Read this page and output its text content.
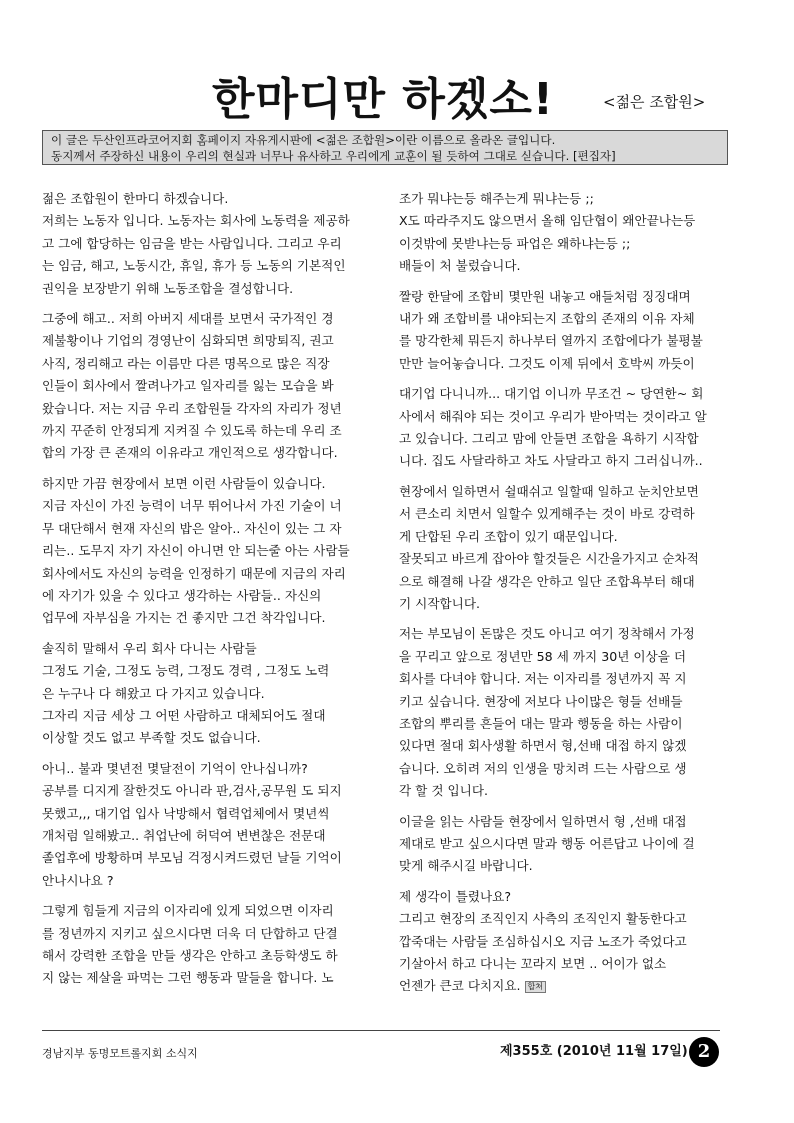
한마디만 하겠소!	<젊은 조합원>

이 글은 두산인프라코어지회 홈페이지 자유게시판에 <젊은 조합원>이란 이름으로 올라온 글입니다.

동지께서 주장하신 내용이 우리의 현실과 너무나 유사하고 우리에게 교훈이 될 듯하여 그대로 싣습니다. [편집자]

젊은 조합원이 한마디 하겠습니다.
저희는 노동자 입니다. 노동자는 회사에 노동력을 제공하
고 그에 합당하는 임금을 받는 사람입니다. 그리고 우리
는 임금, 해고, 노동시간, 휴일, 휴가 등 노동의 기본적인
권익을 보장받기 위해 노동조합을 결성합니다.

그중에 해고.. 저희 아버지 세대를 보면서 국가적인 경
제불황이나 기업의 경영난이 심화되면 희망퇴직, 권고
사직, 정리해고 라는 이름만 다른 명목으로 많은 직장
인들이 회사에서 짤려나가고 일자리를 잃는 모습을 봐
왔습니다. 저는 지금 우리 조합원들 각자의 자리가 정년
까지 꾸준히 안정되게 지켜질 수 있도록 하는데 우리 조
합의 가장 큰 존재의 이유라고 개인적으로 생각합니다.

하지만 가끔 현장에서 보면 이런 사람들이 있습니다.
지금 자신이 가진 능력이 너무 뛰어나서 가진 기술이 너
무 대단해서 현재 자신의 밥은 알아.. 자신이 있는 그 자
리는.. 도무지 자기 자신이 아니면 안 되는줄 아는 사람들
회사에서도 자신의 능력을 인정하기 때문에 지금의 자리
에 자기가 있을 수 있다고 생각하는 사람들.. 자신의
업무에 자부심을 가지는 건 좋지만 그건 착각입니다.

솔직히 말해서 우리 회사 다니는 사람들
그정도 기술, 그정도 능력, 그정도 경력 , 그정도 노력
은 누구나 다 해왔고 다 가지고 있습니다.
그자리 지금 세상 그 어떤 사람하고 대체되어도 절대
이상할 것도 없고 부족할 것도 없습니다.

아니.. 불과 몇년전 몇달전이 기억이 안나십니까?
공부를 디지게 잘한것도 아니라 판,검사,공무원 도 되지
못했고,,, 대기업 입사 낙방해서 협력업체에서 몇년씩
개처럼 일해봤고.. 취업난에 허덕여 변변찮은 전문대
졸업후에 방황하며 부모님 걱정시켜드렸던 날들 기억이
안나시나요 ?

그렇게 힘들게 지금의 이자리에 있게 되었으면 이자리
를 정년까지 지키고 싶으시다면 더욱 더 단합하고 단결
해서 강력한 조합을 만들 생각은 안하고 초등학생도 하
지 않는 제살을 파먹는 그런 행동과 말들을 합니다. 노

조가 뭐냐는등 해주는게 뭐냐는등 ;;
X도 따라주지도 않으면서 올해 임단협이 왜안끝나는등
이것밖에 못받냐는등 파업은 왜하냐는등 ;;
배들이 처 불렀습니다.

짤랑 한달에 조합비 몇만원 내놓고 애들처럼 징징대며
내가 왜 조합비를 내야되는지 조합의 존재의 이유 자체
를 망각한체 뭐든지 하나부터 열까지 조합에다가 불평불
만만 늘어놓습니다. 그것도 이제 뒤에서 호박씨 까듯이

대기업 다니니까... 대기업 이니까 무조건 ~ 당연한~ 회
사에서 해줘야 되는 것이고 우리가 받아먹는 것이라고 알
고 있습니다. 그리고 맘에 안들면 조합을 욕하기 시작합
니다. 집도 사달라하고 차도 사달라고 하지 그러십니까..

현장에서 일하면서 쉴때쉬고 일할때 일하고 눈치안보면
서 큰소리 치면서 일할수 있게해주는 것이 바로 강력하
게 단합된 우리 조합이 있기 때문입니다.
잘못되고 바르게 잡아야 할것들은 시간을가지고 순차적
으로 해결해 나갈 생각은 안하고 일단 조합욕부터 해대
기 시작합니다.

저는 부모님이 돈많은 것도 아니고 여기 정착해서 가정
을 꾸리고 앞으로 정년만 58 세 까지 30년 이상을 더
회사를 다녀야 합니다. 저는 이자리를 정년까지 꼭 지
키고 싶습니다. 현장에 저보다 나이많은 형들 선배들
조합의 뿌리를 흔들어 대는 말과 행동을 하는 사람이
있다면 절대 회사생활 하면서 형,선배 대접 하지 않겠
습니다. 오히려 저의 인생을 망치려 드는 사람으로 생
각 할 것 입니다.

이글을 읽는 사람들 현장에서 일하면서 형 ,선배 대접
제대로 받고 싶으시다면 말과 행동 어른답고 나이에 걸
맞게 해주시길 바랍니다.

제 생각이 틀렸나요?
그리고 현장의 조직인지 사측의 조직인지 활동한다고
깝죽대는 사람들 조심하십시오 지금 노조가 죽었다고
기살아서 하고 다니는 꼬라지 보면 .. 어이가 없소
언젠가 큰코 다치지요. 합쳐

경남지부 동명모트롤지회 소식지	제355호 (2010년 11월 17일) 2
